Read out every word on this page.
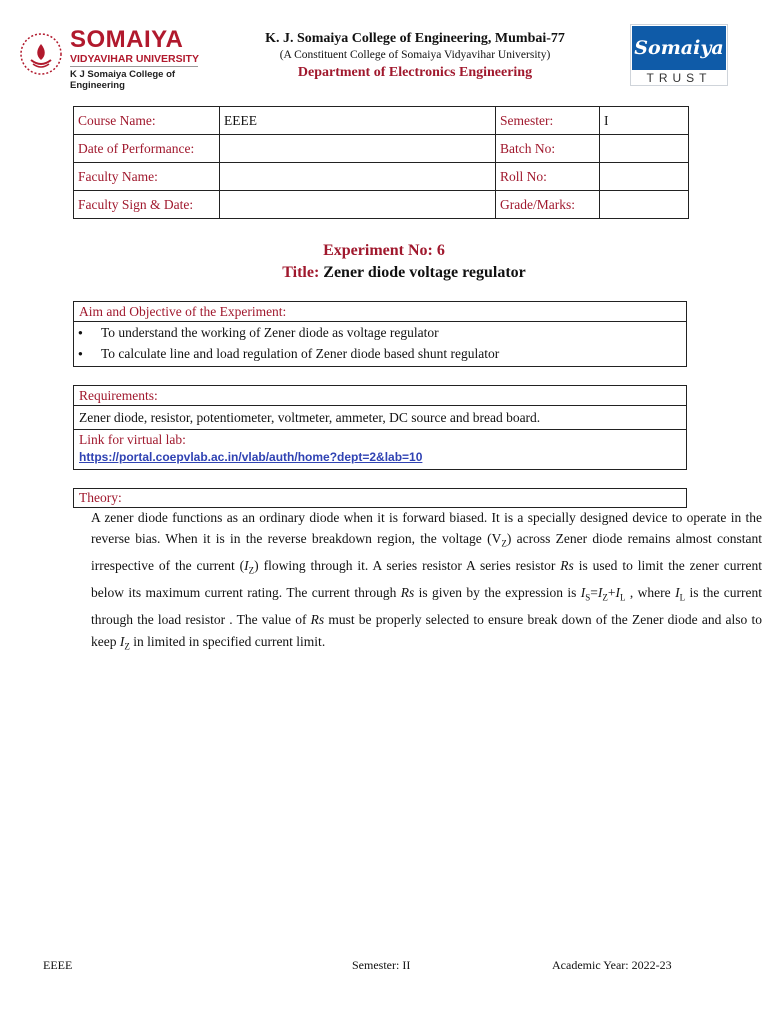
SOMAIYA
VIDYAVIHAR UNIVERSITY
K J Somaiya College of Engineering
K. J. Somaiya College of Engineering, Mumbai-77
(A Constituent College of Somaiya Vidyavihar University)
Department of Electronics Engineering
Somaiya
TRUST
Course Name:	EEEE	Semester:	I
Date of Performance:		Batch No:	
Faculty Name:		Roll No:	
Faculty Sign & Date:		Grade/Marks:	
Experiment No: 6
Title: Zener diode voltage regulator
Aim and Objective of the Experiment:
● To understand the working of Zener diode as voltage regulator
● To calculate line and load regulation of Zener diode based shunt regulator
Requirements:
Zener diode, resistor, potentiometer, voltmeter, ammeter, DC source and bread board.
Link for virtual lab:
https://portal.coepvlab.ac.in/vlab/auth/home?dept=2&lab=10
Theory:
A zener diode functions as an ordinary diode when it is forward biased. It is a specially designed device to operate in the reverse bias. When it is in the reverse breakdown region, the voltage $(V_Z)$ across Zener diode remains almost constant irrespective of the current $(I_Z)$ flowing through it. A series resistor A series resistor Rs is used to limit the zener current below its maximum current rating. The current through Rs is given by the expression is $I_S=I_Z+I_L$ , where $I_L$ is the current through the load resistor . The value of Rs must be properly selected to ensure break down of the Zener diode and also to keep $I_Z$ in limited in specified current limit.
EEEE	Semester: II	Academic Year: 2022-23
